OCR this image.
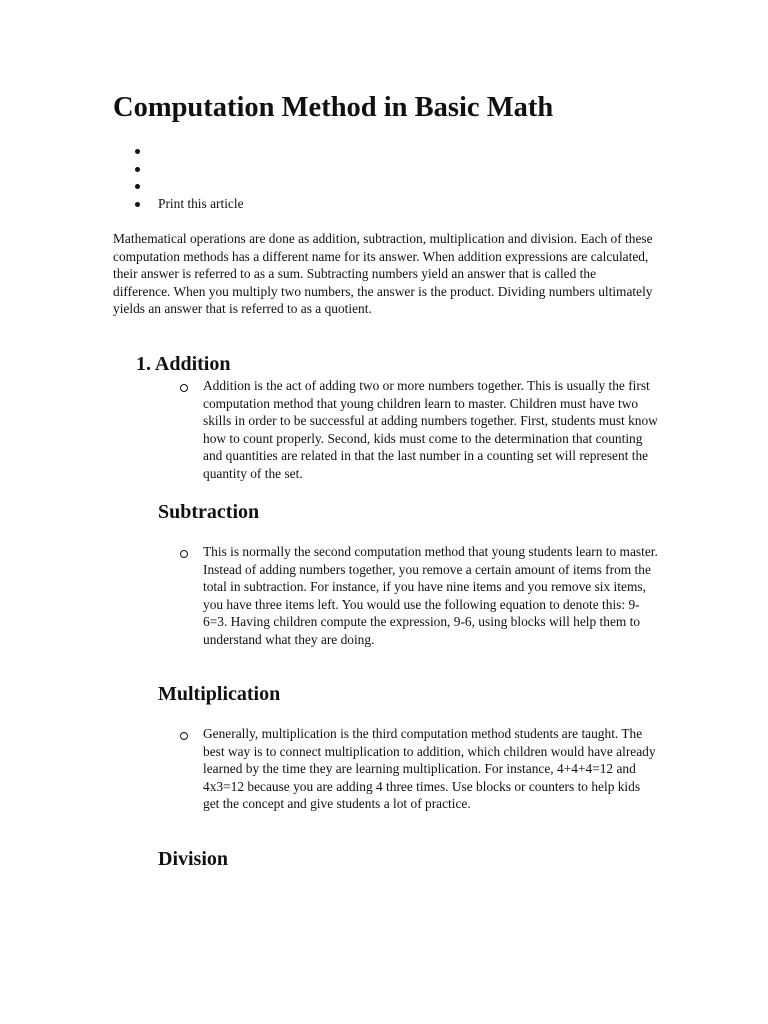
Computation Method in Basic Math
Print this article

Mathematical operations are done as addition, subtraction, multiplication and division. Each of these computation methods has a different name for its answer. When addition expressions are calculated, their answer is referred to as a sum. Subtracting numbers yield an answer that is called the difference. When you multiply two numbers, the answer is the product. Dividing numbers ultimately yields an answer that is referred to as a quotient.

1. Addition

Addition is the act of adding two or more numbers together. This is usually the first computation method that young children learn to master. Children must have two skills in order to be successful at adding numbers together. First, students must know how to count properly. Second, kids must come to the determination that counting and quantities are related in that the last number in a counting set will represent the quantity of the set.

Subtraction

This is normally the second computation method that young students learn to master. Instead of adding numbers together, you remove a certain amount of items from the total in subtraction. For instance, if you have nine items and you remove six items, you have three items left. You would use the following equation to denote this: 9-6=3. Having children compute the expression, 9-6, using blocks will help them to understand what they are doing.

Multiplication

Generally, multiplication is the third computation method students are taught. The best way is to connect multiplication to addition, which children would have already learned by the time they are learning multiplication. For instance, 4+4+4=12 and 4x3=12 because you are adding 4 three times. Use blocks or counters to help kids get the concept and give students a lot of practice.

Division
